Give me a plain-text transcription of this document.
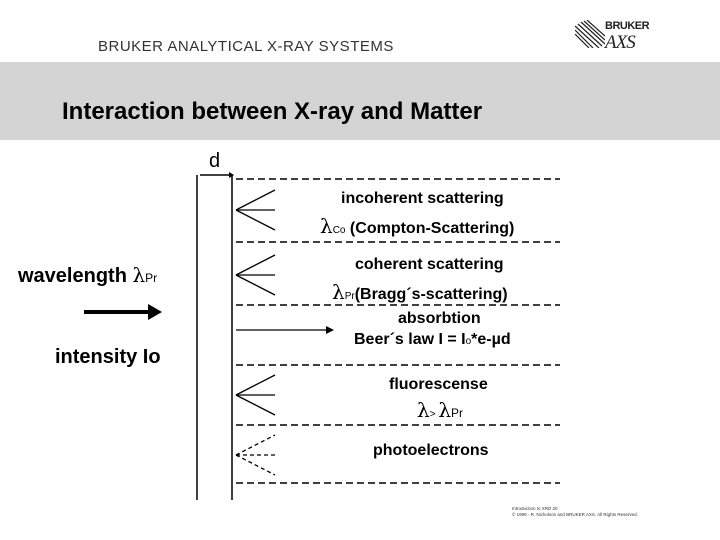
BRUKER ANALYTICAL X-RAY SYSTEMS
BRUKER
AXS
Interaction between X-ray and Matter
d
wavelength λPr
intensity Io
incoherent scattering
λCo (Compton-Scattering)
coherent scattering
λPr(Bragg´s-scattering)
absorbtion
Beer´s law I = Io*e-µd
fluorescense
λ> λPr
photoelectrons
Introduction to XRD 20
© 1999 - R. Nicholson and BRUKER AXS. All Rights Reserved.
